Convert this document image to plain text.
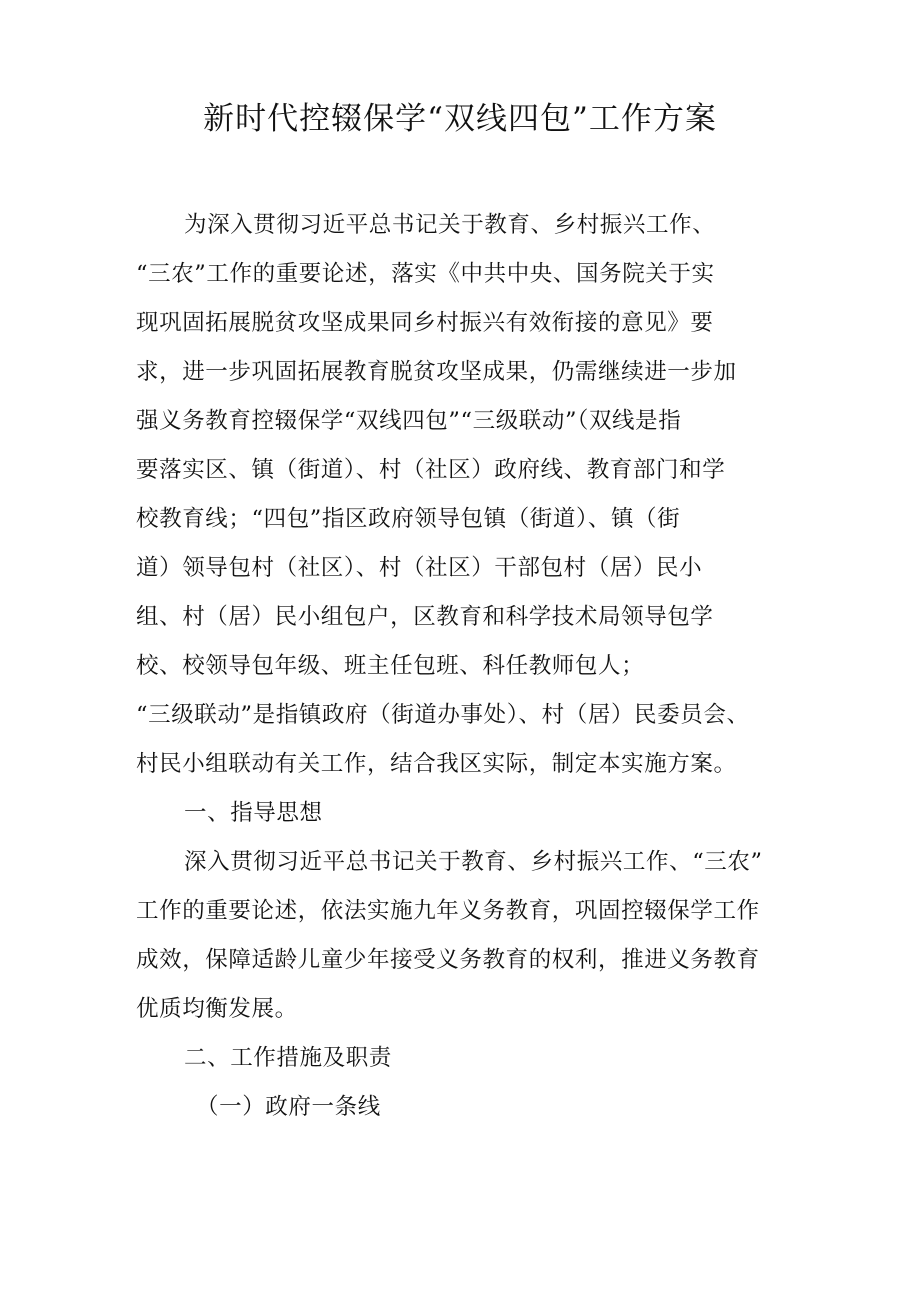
新时代控辍保学“双线四包”工作方案
为深入贯彻习近平总书记关于教育、乡村振兴工作、
“三农”工作的重要论述，落实《中共中央、国务院关于实
现巩固拓展脱贫攻坚成果同乡村振兴有效衔接的意见》要
求，进一步巩固拓展教育脱贫攻坚成果，仍需继续进一步加
强义务教育控辍保学“双线四包”“三级联动”（双线是指
要落实区、镇（街道）、村（社区）政府线、教育部门和学
校教育线；“四包”指区政府领导包镇（街道）、镇（街
道）领导包村（社区）、村（社区）干部包村（居）民小
组、村（居）民小组包户，区教育和科学技术局领导包学
校、校领导包年级、班主任包班、科任教师包人；
“三级联动”是指镇政府（街道办事处）、村（居）民委员会、
村民小组联动有关工作，结合我区实际，制定本实施方案。
一、指导思想
深入贯彻习近平总书记关于教育、乡村振兴工作、“三农”
工作的重要论述，依法实施九年义务教育，巩固控辍保学工作
成效，保障适龄儿童少年接受义务教育的权利，推进义务教育
优质均衡发展。
二、工作措施及职责
（一）政府一条线
